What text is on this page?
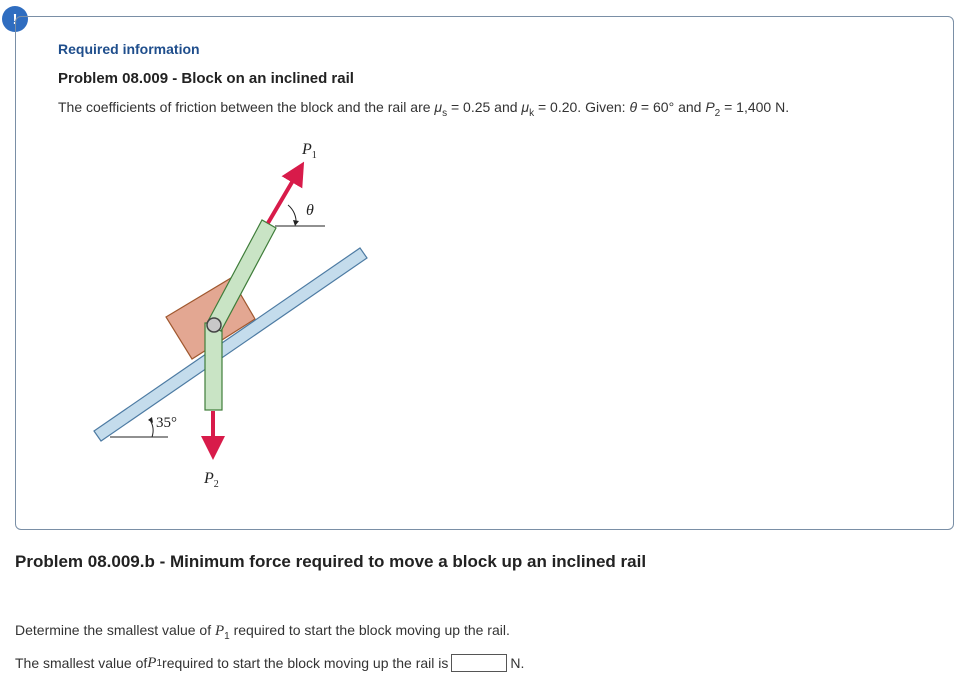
!
Required information
Problem 08.009 - Block on an inclined rail
The coefficients of friction between the block and the rail are $\mu_s = 0.25$ and $\mu_k = 0.20$. Given: θ = 60° and $P_2 = 1,400$ N.
35°
$P_1$
θ
$P_2$
Problem 08.009.b - Minimum force required to move a block up an inclined rail
Determine the smallest value of $P_1$ required to start the block moving up the rail.
The smallest value of P 1 required to start the block moving up the rail is	N.
